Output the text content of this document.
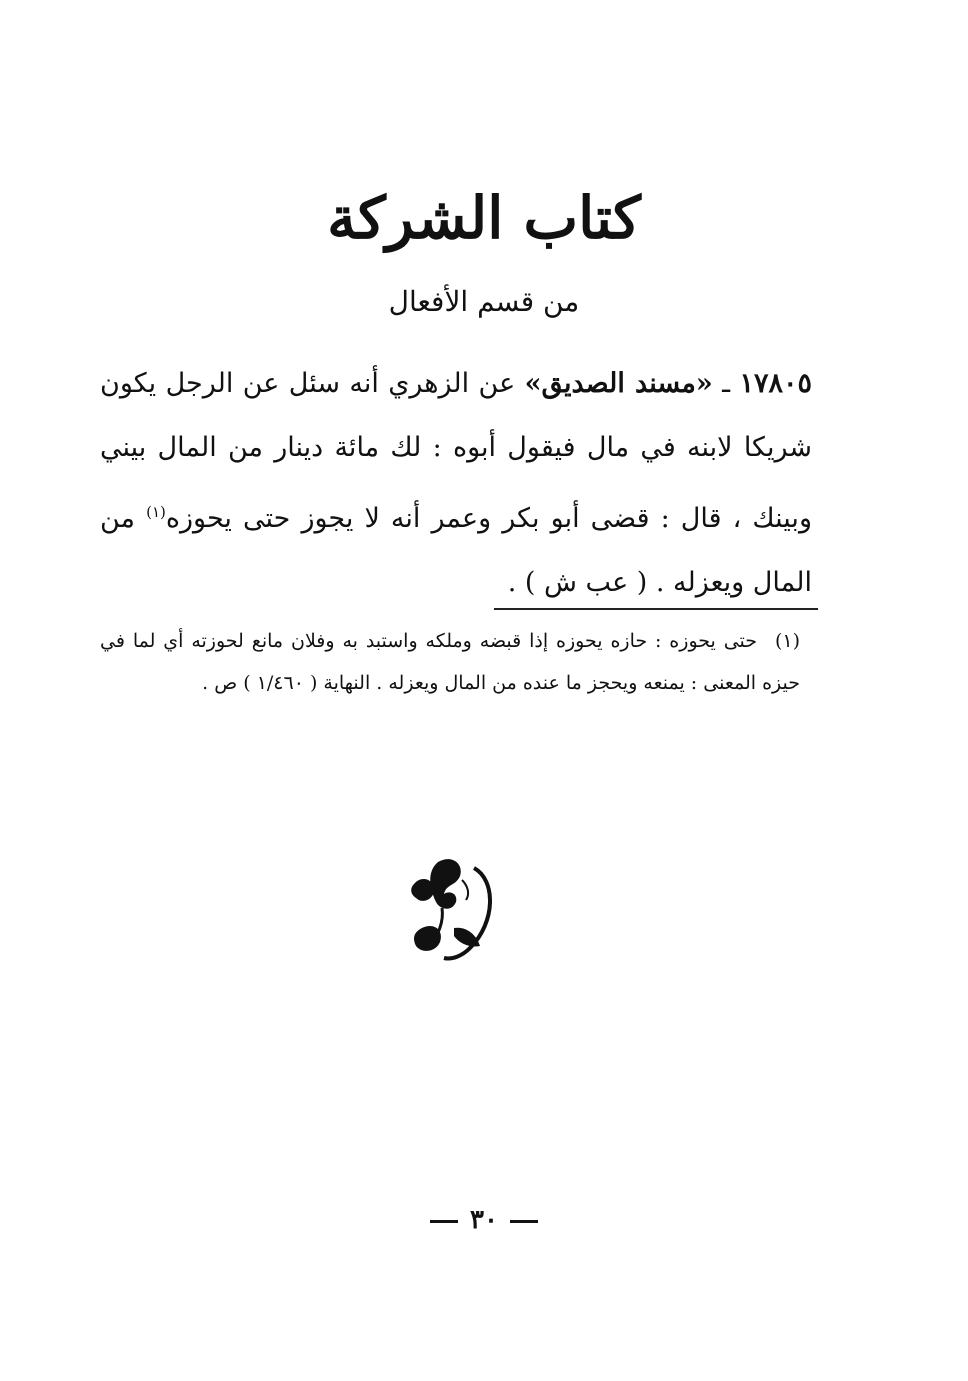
كتاب الشركة
من قسم الأفعال
١٧٨٠٥ ـ «مسند الصديق» عن الزهري أنه سئل عن الرجل يكون شريكا لابنه في مال فيقول أبوه : لك مائة دينار من المال بيني وبينك ، قال : قضى أبو بكر وعمر أنه لا يجوز حتى يحوزه$^{(١)}$ من المال ويعزله . ( عب ش ) .
(١) حتى يحوزه : حازه يحوزه إذا قبضه وملكه واستبد به وفلان مانع لحوزته أي لما في حيزه المعنى : يمنعه ويحجز ما عنده من المال ويعزله . النهاية ( ١/٤٦٠ ) ص .
٣٠
